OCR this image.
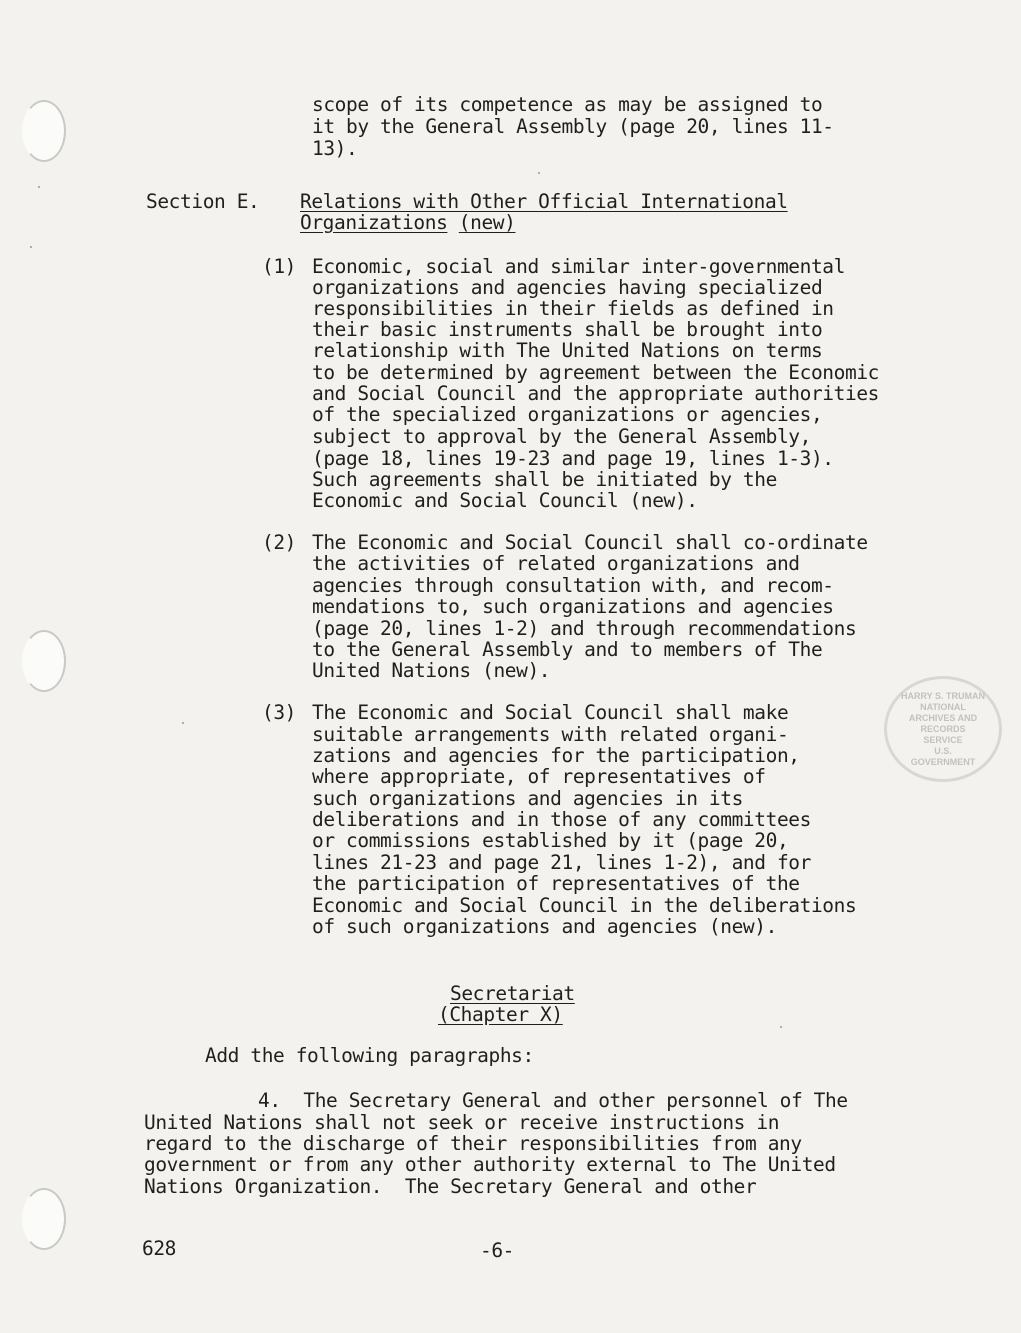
scope of its competence as may be assigned to
it by the General Assembly (page 20, lines 11-
13).
Section E. Relations with Other Official International
Organizations (new)
(1) Economic, social and similar inter-governmental
organizations and agencies having specialized
responsibilities in their fields as defined in
their basic instruments shall be brought into
relationship with The United Nations on terms
to be determined by agreement between the Economic
and Social Council and the appropriate authorities
of the specialized organizations or agencies,
subject to approval by the General Assembly,
(page 18, lines 19-23 and page 19, lines 1-3).
Such agreements shall be initiated by the
Economic and Social Council (new).
(2) The Economic and Social Council shall co-ordinate
the activities of related organizations and
agencies through consultation with, and recom-
mendations to, such organizations and agencies
(page 20, lines 1-2) and through recommendations
to the General Assembly and to members of The
United Nations (new).
(3) The Economic and Social Council shall make
suitable arrangements with related organi-
zations and agencies for the participation,
where appropriate, of representatives of
such organizations and agencies in its
deliberations and in those of any committees
or commissions established by it (page 20,
lines 21-23 and page 21, lines 1-2), and for
the participation of representatives of the
Economic and Social Council in the deliberations
of such organizations and agencies (new).
Secretariat
(Chapter X)
Add the following paragraphs:
4.  The Secretary General and other personnel of The
United Nations shall not seek or receive instructions in
regard to the discharge of their responsibilities from any
government or from any other authority external to The United
Nations Organization.  The Secretary General and other
628	-6-
HARRY S. TRUMAN
NATIONAL
ARCHIVES AND
RECORDS
SERVICE
U.S.
GOVERNMENT
